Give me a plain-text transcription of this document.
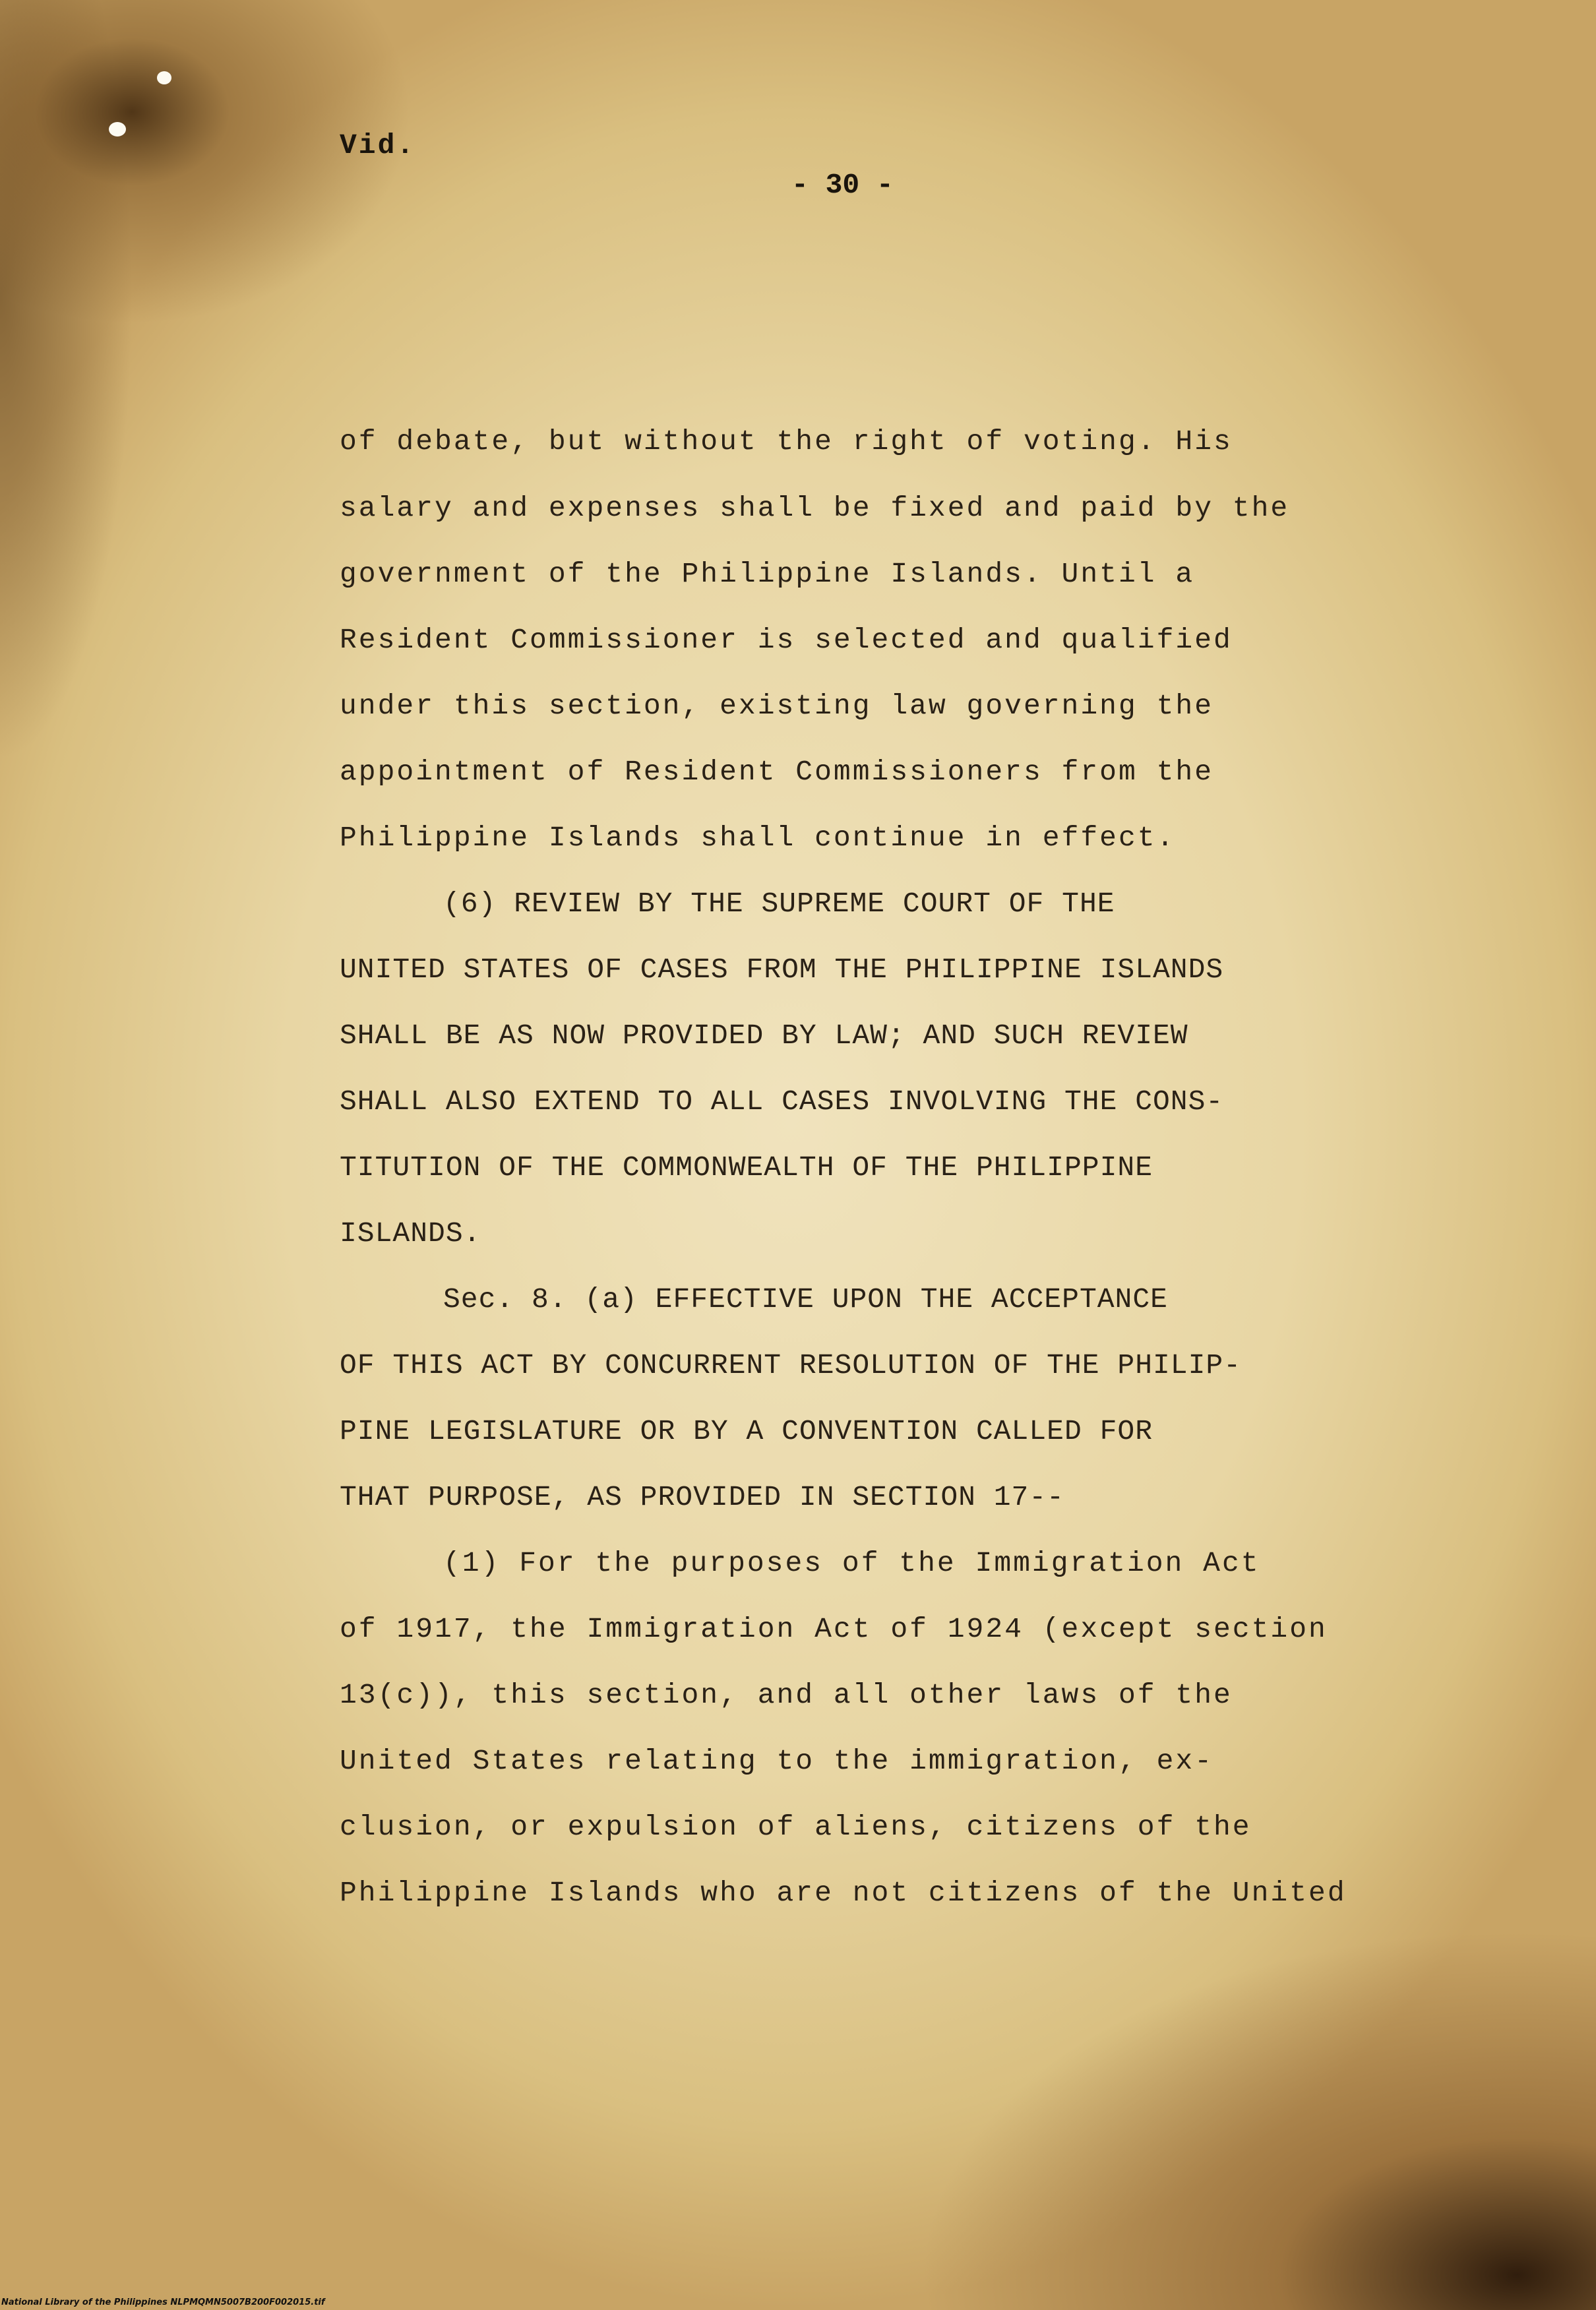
Vid.
- 30 -
of debate, but without the right of voting. His
salary and expenses shall be fixed and paid by the
government of the Philippine Islands. Until a
Resident Commissioner is selected and qualified
under this section, existing law governing the
appointment of Resident Commissioners from the
Philippine Islands shall continue in effect.
(6) REVIEW BY THE SUPREME COURT OF THE
UNITED STATES OF CASES FROM THE PHILIPPINE ISLANDS
SHALL BE AS NOW PROVIDED BY LAW; AND SUCH REVIEW
SHALL ALSO EXTEND TO ALL CASES INVOLVING THE CONS-
TITUTION OF THE COMMONWEALTH OF THE PHILIPPINE
ISLANDS.
Sec. 8. (a) EFFECTIVE UPON THE ACCEPTANCE
OF THIS ACT BY CONCURRENT RESOLUTION OF THE PHILIP-
PINE LEGISLATURE OR BY A CONVENTION CALLED FOR
THAT PURPOSE, AS PROVIDED IN SECTION 17--
(1) For the purposes of the Immigration Act
of 1917, the Immigration Act of 1924 (except section
13(c)), this section, and all other laws of the
United States relating to the immigration, ex-
clusion, or expulsion of aliens, citizens of the
Philippine Islands who are not citizens of the United
National Library of the Philippines NLPMQMN5007B200F002015.tif
